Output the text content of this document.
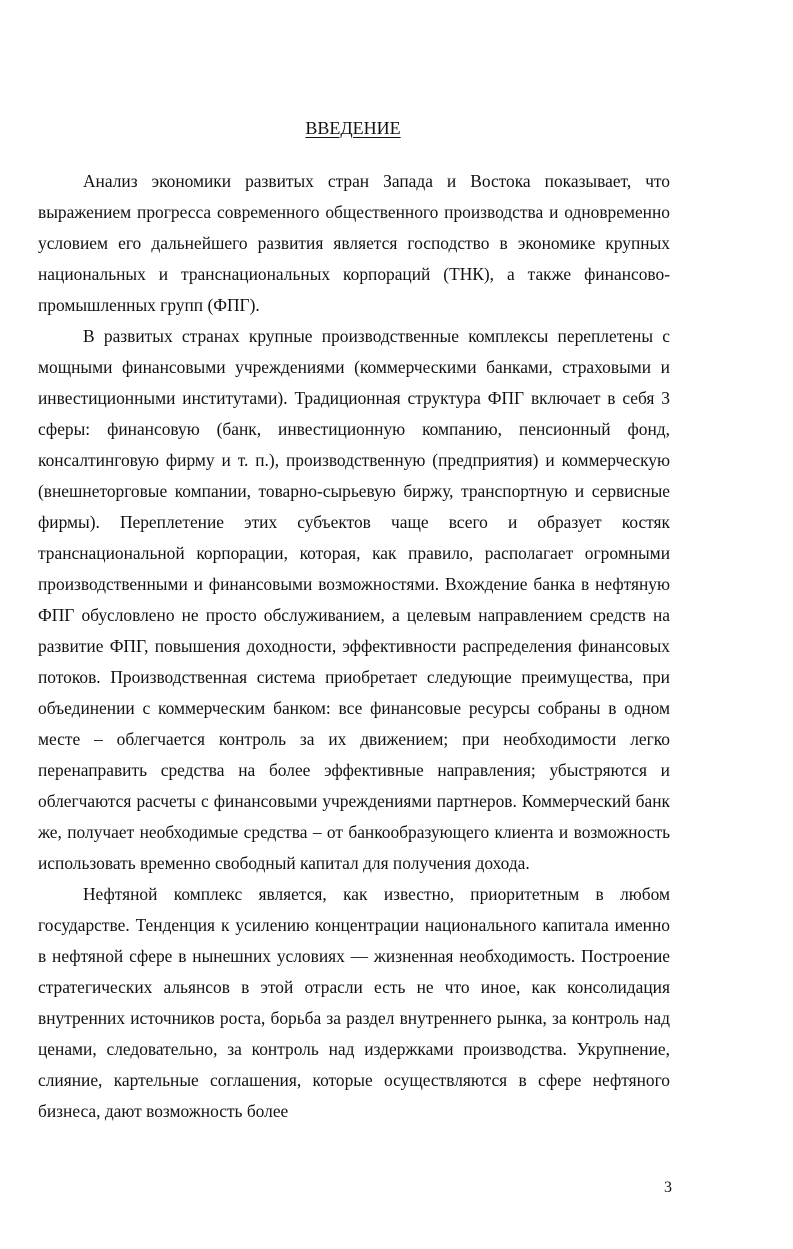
ВВЕДЕНИЕ

Анализ экономики развитых стран Запада и Востока показывает, что выражением прогресса современного общественного производства и одновременно условием его дальнейшего развития является господство в экономике крупных национальных и транснациональных корпораций (ТНК), а также финансово-промышленных групп (ФПГ).

В развитых странах крупные производственные комплексы переплетены с мощными финансовыми учреждениями (коммерческими банками, страховыми и инвестиционными институтами). Традиционная структура ФПГ включает в себя 3 сферы: финансовую (банк, инвестиционную компанию, пенсионный фонд, консалтинговую фирму и т. п.), производственную (предприятия) и коммерческую (внешнеторговые компании, товарно-сырьевую биржу, транспортную и сервисные фирмы). Переплетение этих субъектов чаще всего и образует костяк транснациональной корпорации, которая, как правило, располагает огромными производственными и финансовыми возможностями. Вхождение банка в нефтяную ФПГ обусловлено не просто обслуживанием, а целевым направлением средств на развитие ФПГ, повышения доходности, эффективности распределения финансовых потоков. Производственная система приобретает следующие преимущества, при объединении с коммерческим банком: все финансовые ресурсы собраны в одном месте – облегчается контроль за их движением; при необходимости легко перенаправить средства на более эффективные направления; убыстряются и облегчаются расчеты с финансовыми учреждениями партнеров. Коммерческий банк же, получает необходимые средства – от банкообразующего клиента и возможность использовать временно свободный капитал для получения дохода.

Нефтяной комплекс является, как известно, приоритетным в любом государстве. Тенденция к усилению концентрации национального капитала именно в нефтяной сфере в нынешних условиях — жизненная необходимость. Построение стратегических альянсов в этой отрасли есть не что иное, как консолидация внутренних источников роста, борьба за раздел внутреннего рынка, за контроль над ценами, следовательно, за контроль над издержками производства. Укрупнение, слияние, картельные соглашения, которые осуществляются в сфере нефтяного бизнеса, дают возможность более

3
